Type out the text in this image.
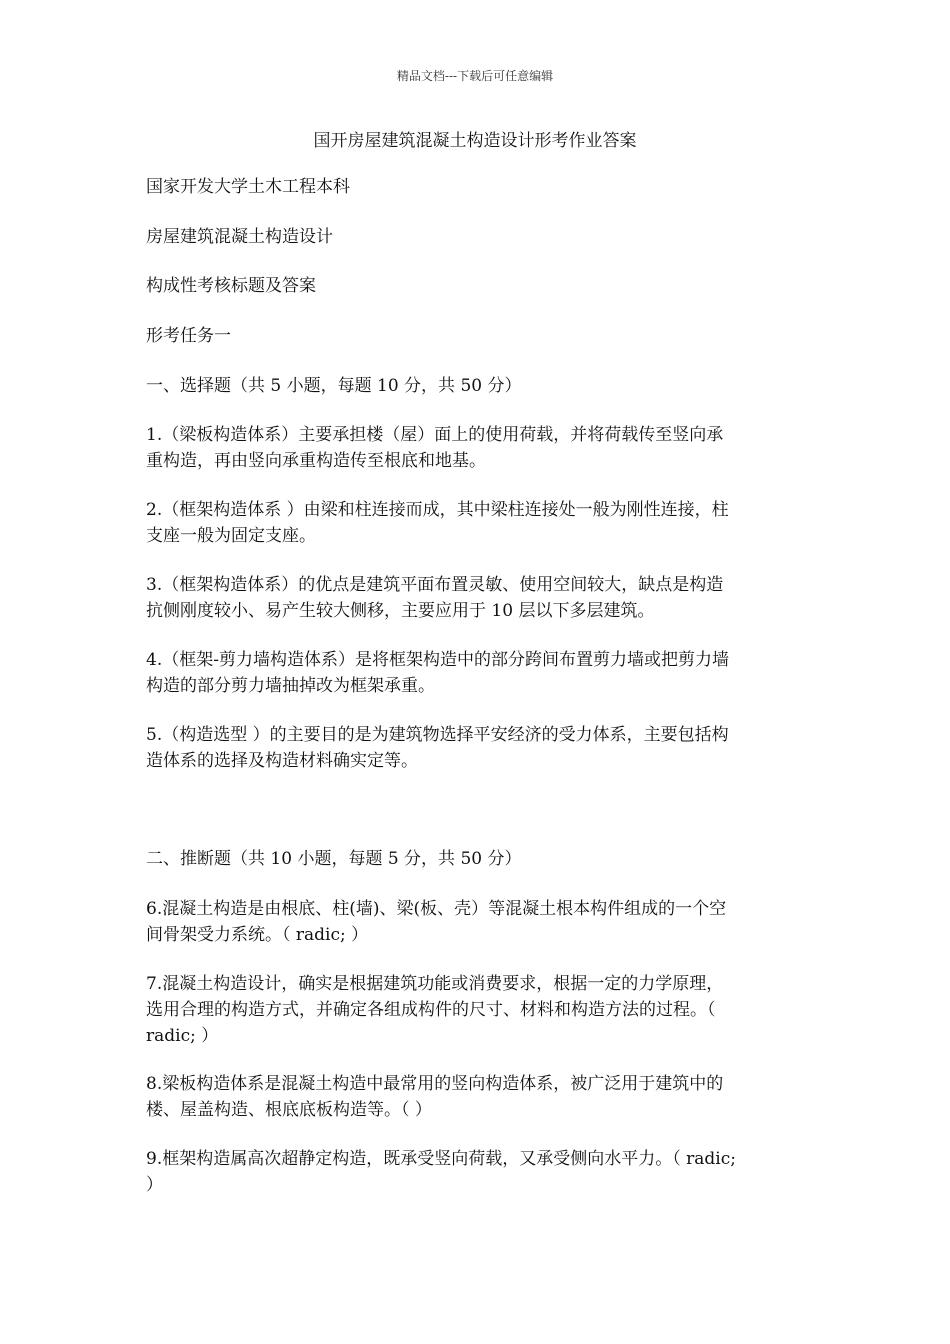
精品文档---下载后可任意编辑
国开房屋建筑混凝土构造设计形考作业答案

国家开发大学土木工程本科

房屋建筑混凝土构造设计

构成性考核标题及答案

形考任务一

一、选择题（共 5 小题，每题 10 分，共 50 分）

1.（梁板构造体系）主要承担楼（屋）面上的使用荷载，并将荷载传至竖向承

重构造，再由竖向承重构造传至根底和地基。

2.（框架构造体系 ）由梁和柱连接而成，其中梁柱连接处一般为刚性连接，柱

支座一般为固定支座。

3.（框架构造体系）的优点是建筑平面布置灵敏、使用空间较大，缺点是构造

抗侧刚度较小、易产生较大侧移，主要应用于 10 层以下多层建筑。

4.（框架-剪力墙构造体系）是将框架构造中的部分跨间布置剪力墙或把剪力墙

构造的部分剪力墙抽掉改为框架承重。

5.（构造选型 ）的主要目的是为建筑物选择平安经济的受力体系，主要包括构

造体系的选择及构造材料确实定等。

二、推断题（共 10 小题，每题 5 分，共 50 分）

6.混凝土构造是由根底、柱(墙)、梁(板、壳）等混凝土根本构件组成的一个空

间骨架受力系统。（ radic; ）

7.混凝土构造设计，确实是根据建筑功能或消费要求，根据一定的力学原理，

选用合理的构造方式，并确定各组成构件的尺寸、材料和构造方法的过程。（

radic; ）

8.梁板构造体系是混凝土构造中最常用的竖向构造体系，被广泛用于建筑中的

楼、屋盖构造、根底底板构造等。（ ）

9.框架构造属高次超静定构造，既承受竖向荷载，又承受侧向水平力。（ radic;

）
